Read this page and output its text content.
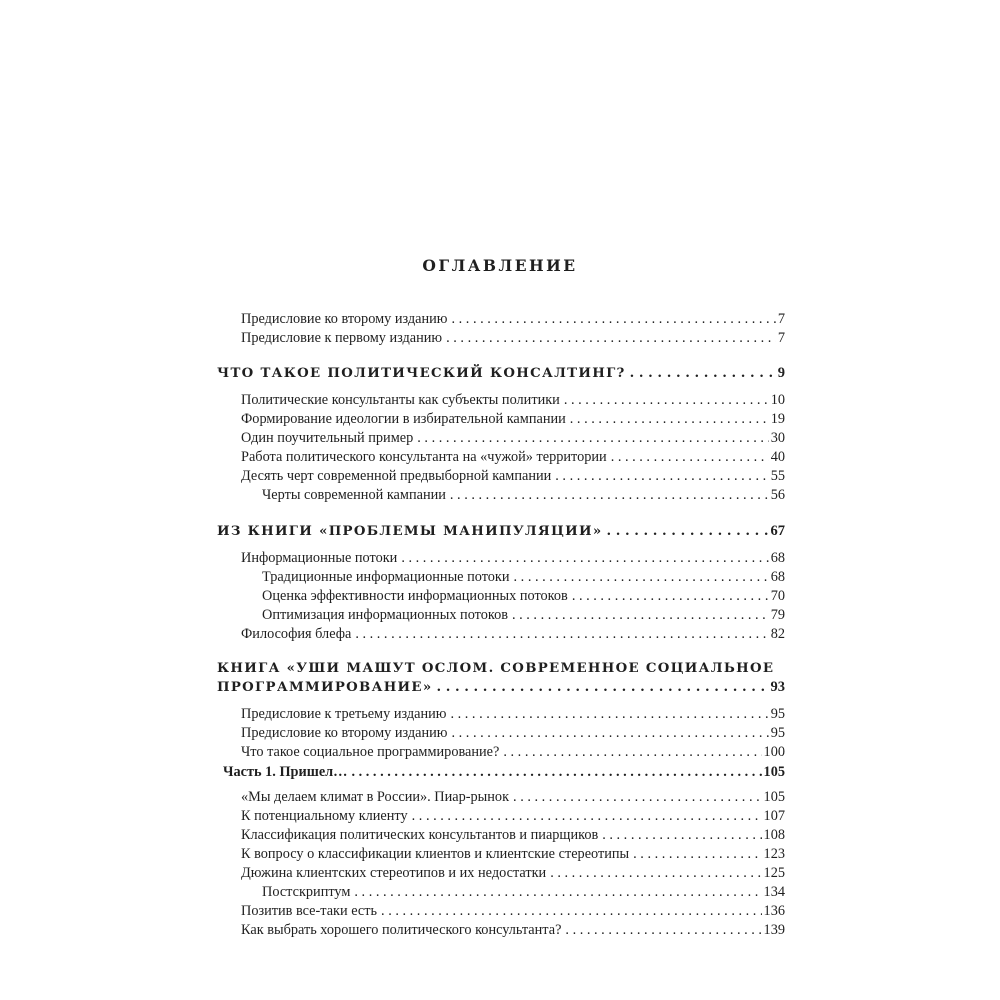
ОГЛАВЛЕНИЕ
Предисловие ко второму изданию . . .	7
Предисловие к первому изданию . . .	7
ЧТО ТАКОЕ ПОЛИТИЧЕСКИЙ КОНСАЛТИНГ? . . .	9
Политические консультанты как субъекты политики . . .	10
Формирование идеологии в избирательной кампании . . .	19
Один поучительный пример . . .	30
Работа политического консультанта на «чужой» территории . . .	40
Десять черт современной предвыборной кампании . . .	55
Черты современной кампании . . .	56
ИЗ КНИГИ «ПРОБЛЕМЫ МАНИПУЛЯЦИИ» . . .	67
Информационные потоки . . .	68
Традиционные информационные потоки . . .	68
Оценка эффективности информационных потоков . . .	70
Оптимизация информационных потоков . . .	79
Философия блефа . . .	82
КНИГА «УШИ МАШУТ ОСЛОМ. СОВРЕМЕННОЕ СОЦИАЛЬНОЕ
ПРОГРАММИРОВАНИЕ» . . .	93
Предисловие к третьему изданию . . .	95
Предисловие ко второму изданию . . .	95
Что такое социальное программирование? . . .	100
Часть 1. Пришел… . . .	105
«Мы делаем климат в России». Пиар-рынок . . .	105
К потенциальному клиенту . . .	107
Классификация политических консультантов и пиарщиков . . .	108
К вопросу о классификации клиентов и клиентские стереотипы . . .	123
Дюжина клиентских стереотипов и их недостатки . . .	125
Постскриптум . . .	134
Позитив все-таки есть . . .	136
Как выбрать хорошего политического консультанта? . . .	139
